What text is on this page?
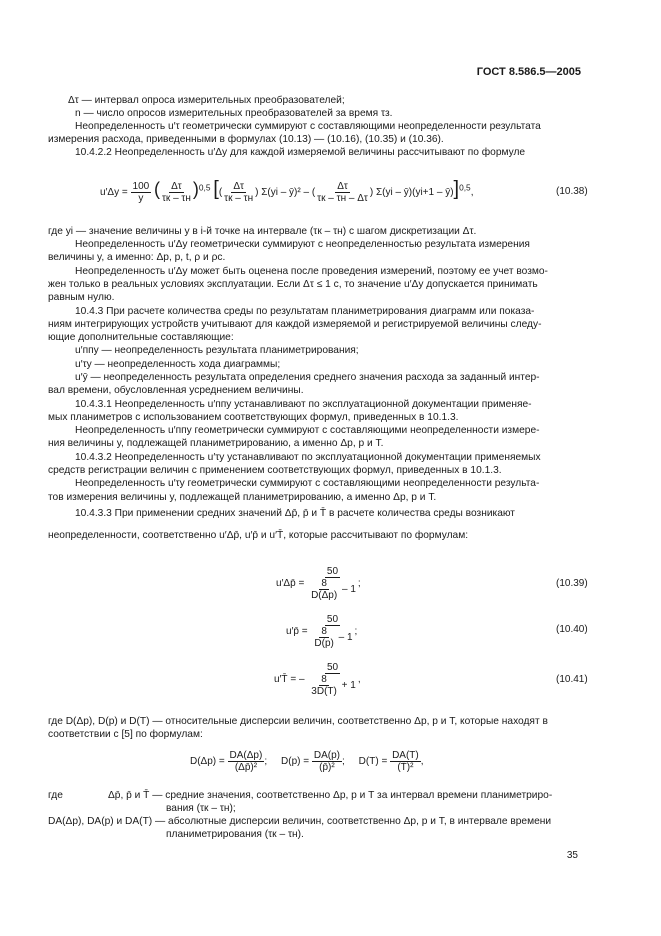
ГОСТ 8.586.5—2005
Δτ — интервал опроса измерительных преобразователей;
n — число опросов измерительных преобразователей за время τз.
Неопределенность u′τ геометрически суммируют с составляющими неопределенности результата
измерения расхода, приведенными в формулах (10.13) — (10.16), (10.35) и (10.36).
10.4.2.2 Неопределенность u′Δy для каждой измеряемой величины рассчитывают по формуле
$u'\Delta y = \frac{100}{y}$ ( $\frac{\Delta\tau}{\tau к - \tau н} )^{0,5}$ [( $\frac{\Delta\tau}{\tau к - \tau н}$ ) Σ(yi – ȳ)² – ( $\frac{\Delta\tau}{\tau к - \tau н - \Delta\tau}$ ) Σ(yi – ȳ)(yi+1 – ȳ)]$^{0,5}$,	(10.38)
где yi — значение величины y в i-й точке на интервале (τк – τн) с шагом дискретизации Δτ.
Неопределенность u′Δy геометрически суммируют с неопределенностью результата измерения
величины y, а именно: Δp, p, t, ρ и ρс.
Неопределенность u′Δy может быть оценена после проведения измерений, поэтому ее учет возмо-
жен только в реальных условиях эксплуатации. Если Δτ ≤ 1 с, то значение u′Δy допускается принимать
равным нулю.
10.4.3 При расчете количества среды по результатам планиметрирования диаграмм или показа-
ниям интегрирующих устройств учитывают для каждой измеряемой и регистрируемой величины следу-
ющие дополнительные составляющие:
u′ппу — неопределенность результата планиметрирования;
u′τy — неопределенность хода диаграммы;
u′ȳ — неопределенность результата определения среднего значения расхода за заданный интер-
вал времени, обусловленная усреднением величины.
10.4.3.1 Неопределенность u′ппу устанавливают по эксплуатационной документации применяе-
мых планиметров с использованием соответствующих формул, приведенных в 10.1.3.
Неопределенность u′ппу геометрически суммируют с составляющими неопределенности измере-
ния величины y, подлежащей планиметрированию, а именно Δp, p и T.
10.4.3.2 Неопределенность u′τy устанавливают по эксплуатационной документации применяемых
средств регистрации величин с применением соответствующих формул, приведенных в 10.1.3.
Неопределенность u′τy геометрически суммируют с составляющими неопределенности результа-
тов измерения величины y, подлежащей планиметрированию, а именно Δp, p и T.
10.4.3.3 При применении средних значений Δp̄, p̄ и T̄ в расчете количества среды возникают
неопределенности, соответственно u′Δp̄, u′p̄ и u′T̄, которые рассчитывают по формулам:
u′Δp̄ = $\frac{50}{\frac{8}{D(\Delta p)} - 1}$ ;	(10.39)
u′p̄ = $\frac{50}{\frac{8}{D(p)} - 1}$ ;	(10.40)
u′T̄ = – $\frac{50}{\frac{8}{3D(T)} + 1}$ ,	(10.41)
где D(Δp), D(p) и D(T) — относительные дисперсии величин, соответственно Δp, p и T, которые находят в
соответствии с [5] по формулам:
$D(\Delta p) = \frac{DА(\Delta p)}{\text{(Δp̄)²}}$ ; $D(p) = \frac{DА(p)}{\text{(p̄)²}}$ ; $D(T) = \frac{DА(T)}{\text{(T̄)²}}$ ,
где	Δp̄, p̄ и T̄ — средние значения, соответственно Δp, p и T за интервал времени планиметриро-
вания (τк – τн);
DА(Δp), DА(p) и DА(T) — абсолютные дисперсии величин, соответственно Δp, p и T, в интервале времени
планиметрирования (τк – τн).
35
